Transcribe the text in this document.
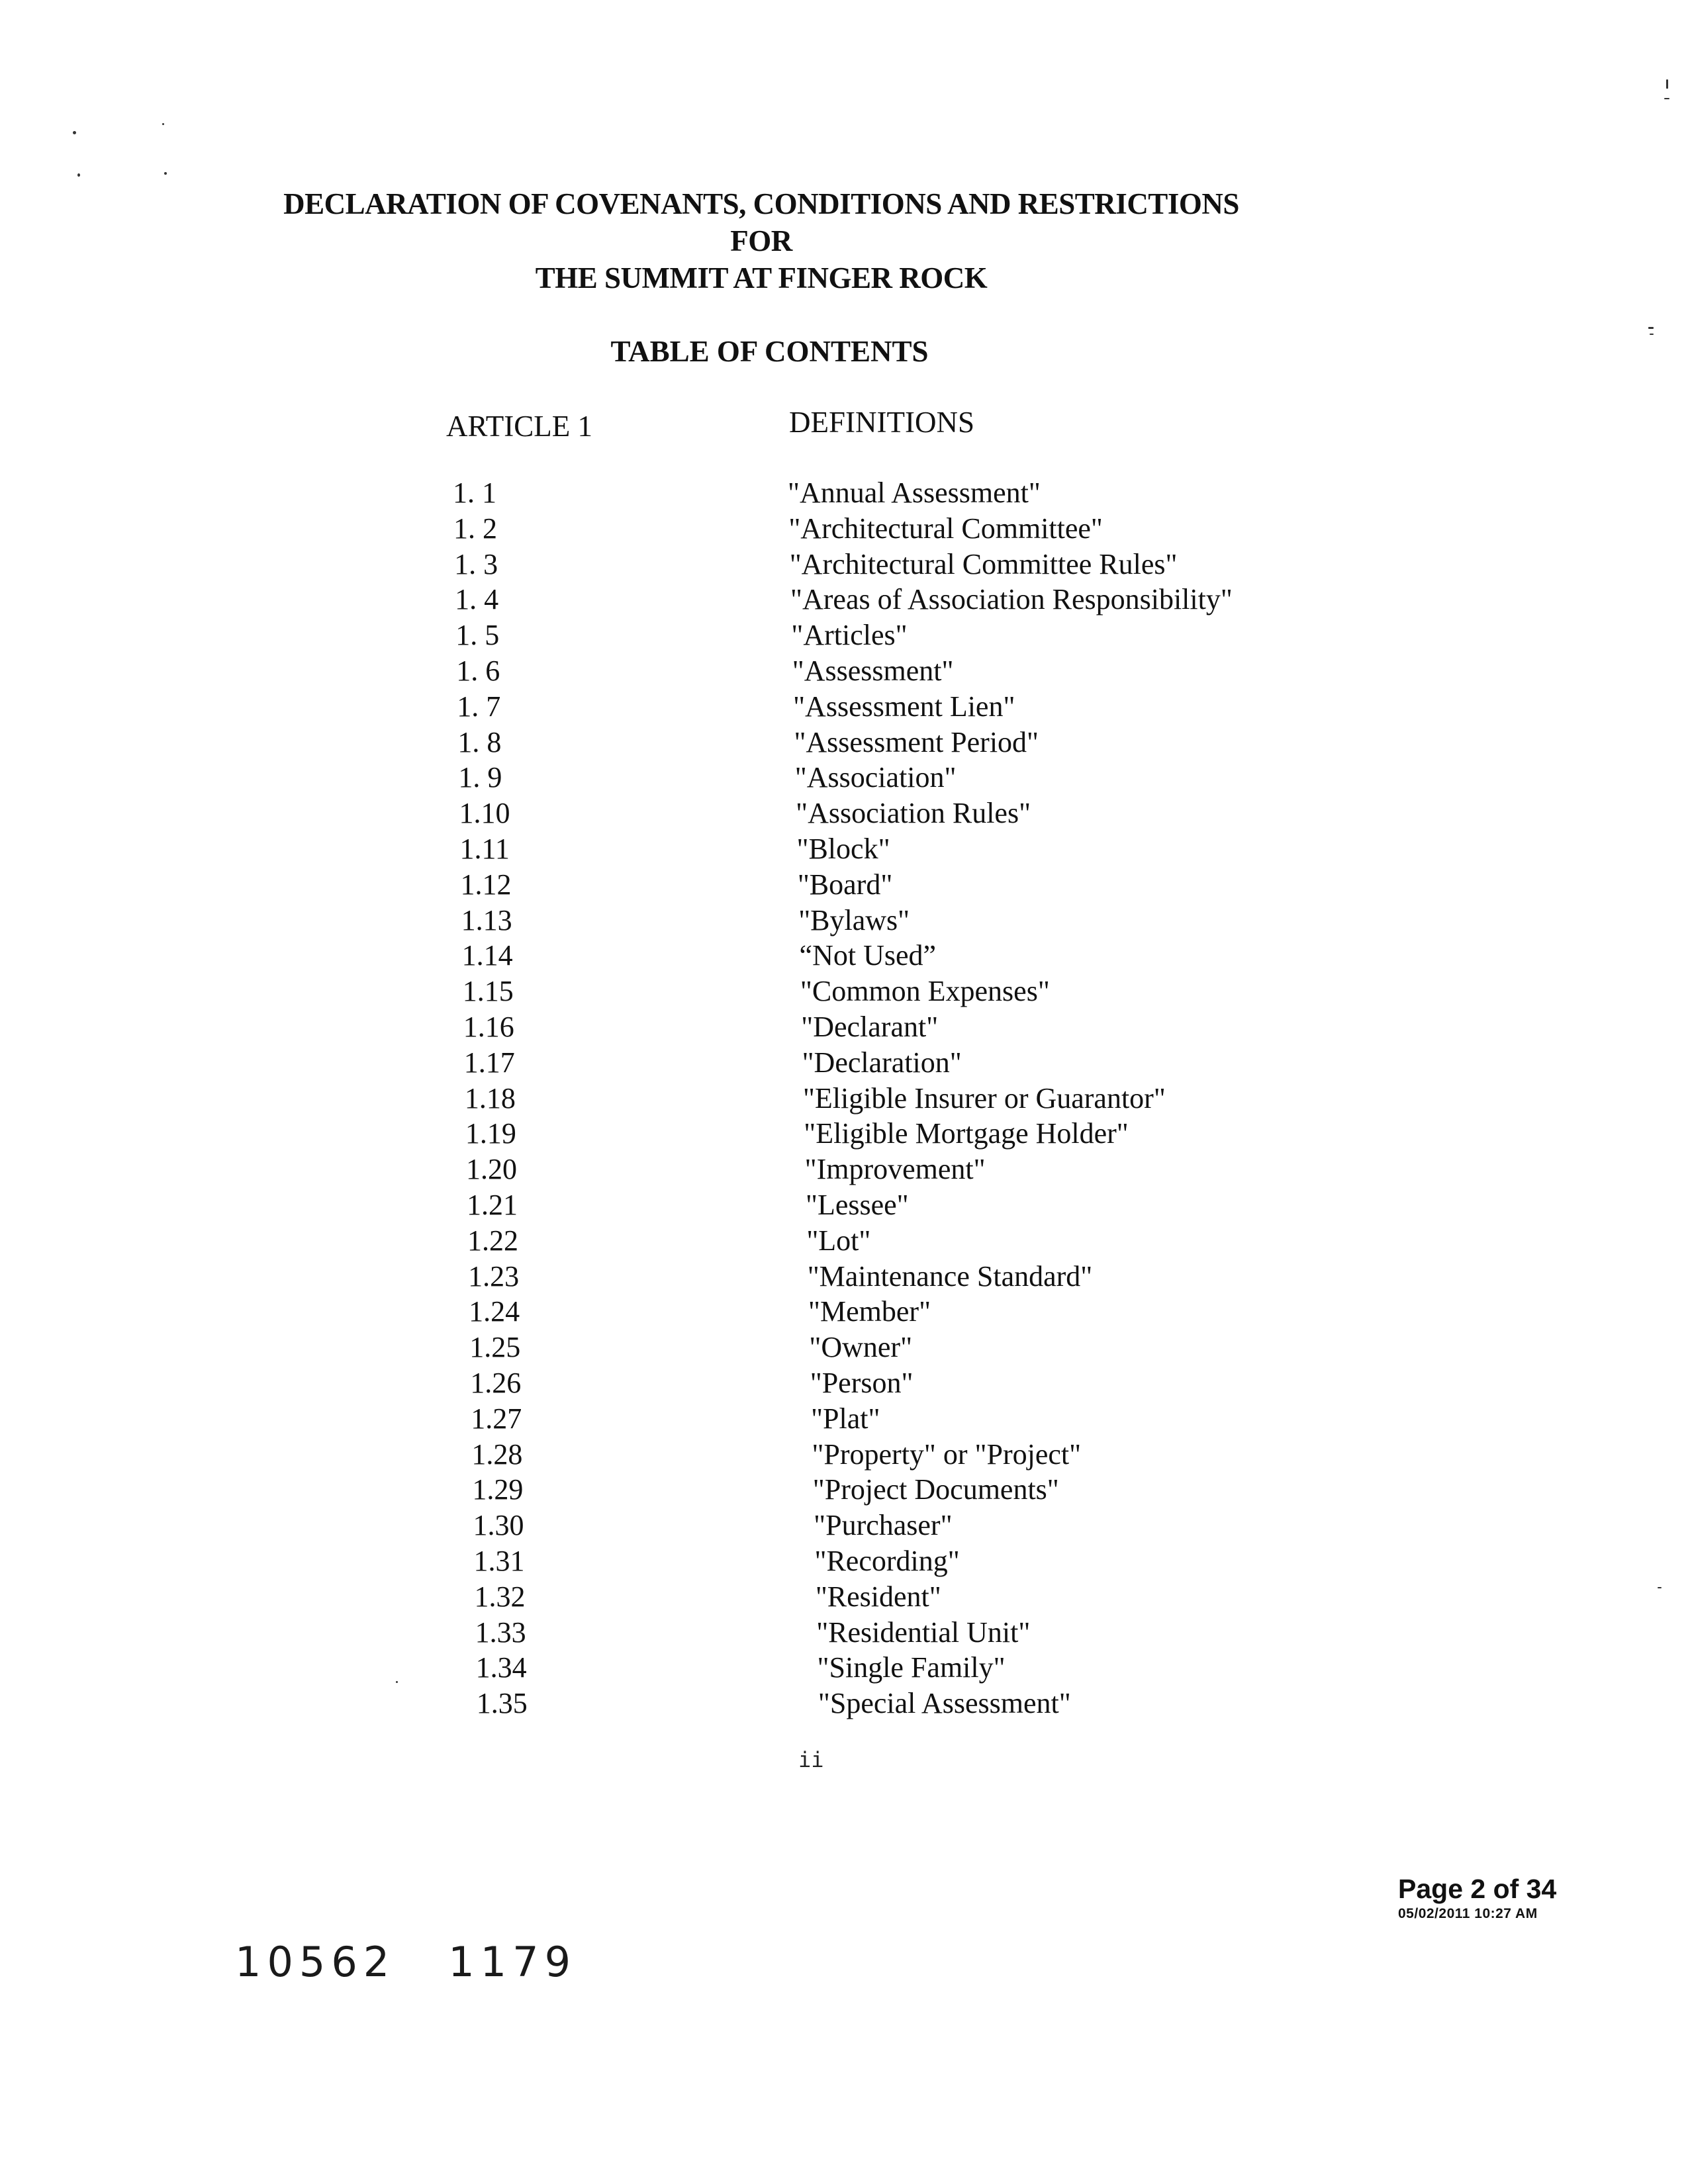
DECLARATION OF COVENANTS, CONDITIONS AND RESTRICTIONS
FOR
THE SUMMIT AT FINGER ROCK
TABLE OF CONTENTS
ARTICLE 1	DEFINITIONS
1. 1	"Annual Assessment"
1. 2	"Architectural Committee"
1. 3	"Architectural Committee Rules"
1. 4	"Areas of Association Responsibility"
1. 5	"Articles"
1. 6	"Assessment"
1. 7	"Assessment Lien"
1. 8	"Assessment Period"
1. 9	"Association"
1.10	"Association Rules"
1.11	"Block"
1.12	"Board"
1.13	"Bylaws"
1.14	“Not Used”
1.15	"Common Expenses"
1.16	"Declarant"
1.17	"Declaration"
1.18	"Eligible Insurer or Guarantor"
1.19	"Eligible Mortgage Holder"
1.20	"Improvement"
1.21	"Lessee"
1.22	"Lot"
1.23	"Maintenance Standard"
1.24	"Member"
1.25	"Owner"
1.26	"Person"
1.27	"Plat"
1.28	"Property" or "Project"
1.29	"Project Documents"
1.30	"Purchaser"
1.31	"Recording"
1.32	"Resident"
1.33	"Residential Unit"
1.34	"Single Family"
1.35	"Special Assessment"
ii
Page 2 of 34
05/02/2011 10:27 AM
10562 1179
